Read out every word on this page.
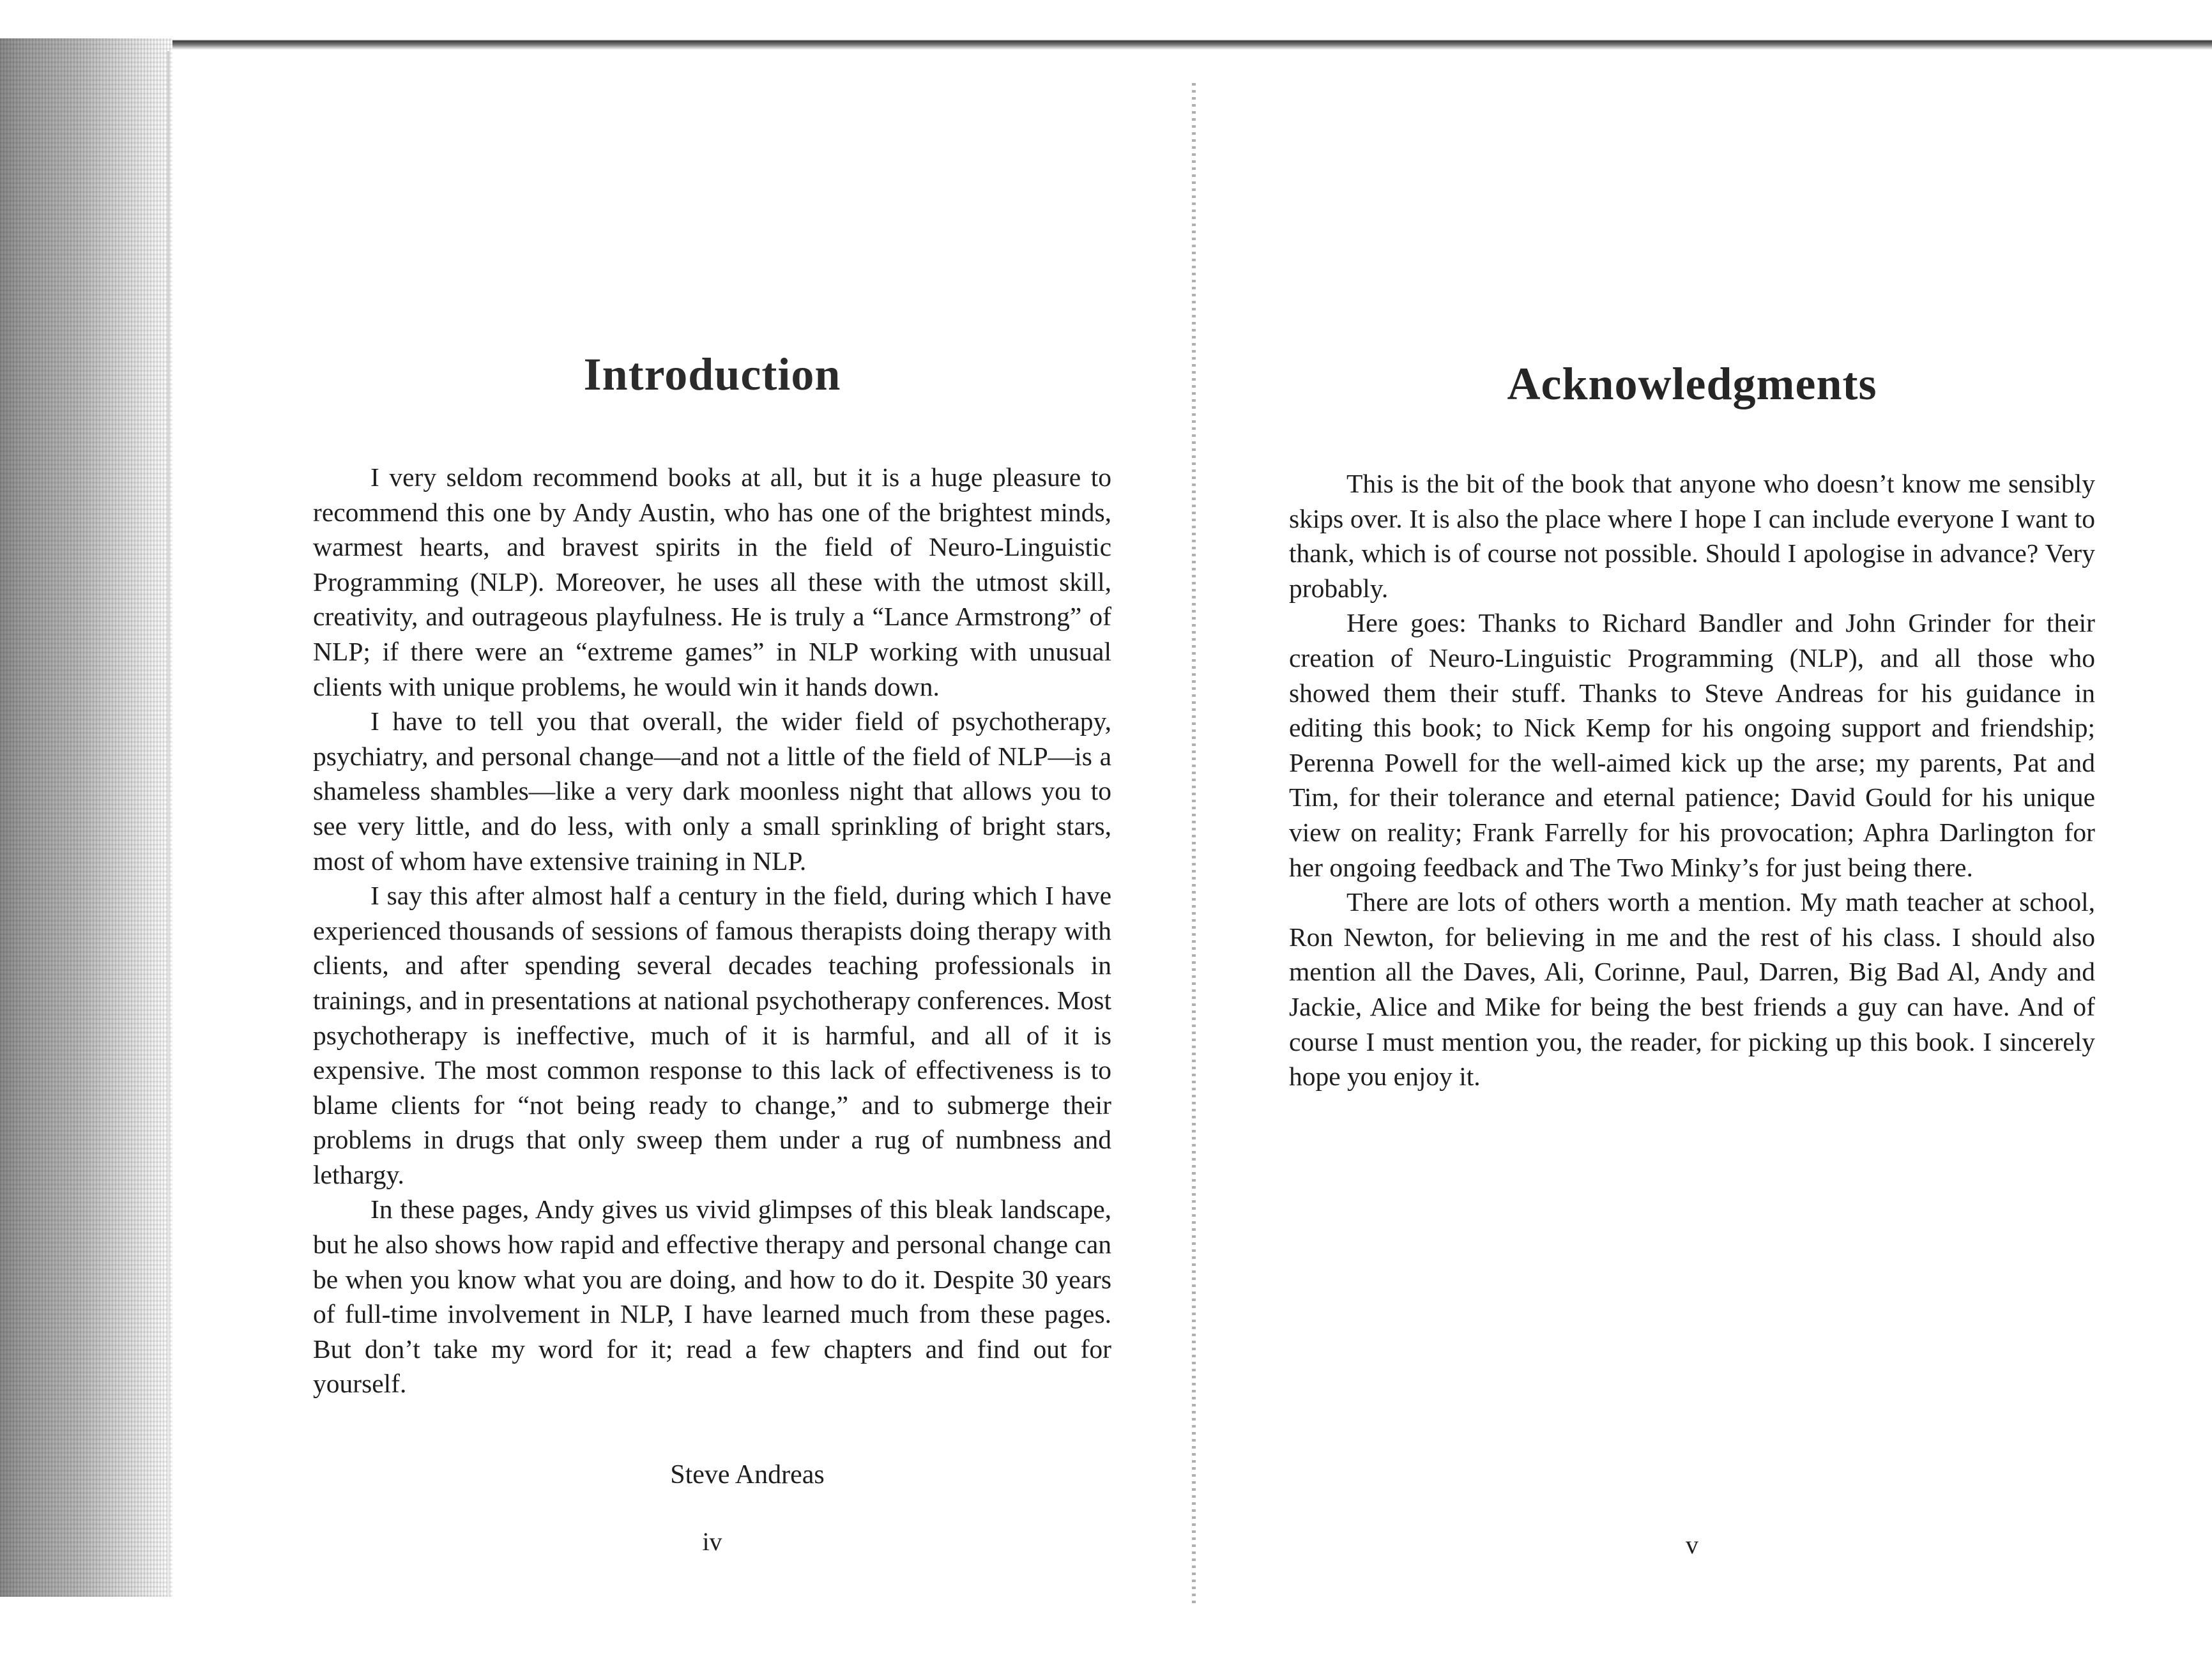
Introduction

I very seldom recommend books at all, but it is a huge pleasure to recommend this one by Andy Austin, who has one of the brightest minds, warmest hearts, and bravest spirits in the field of Neuro-Linguistic Programming (NLP). Moreover, he uses all these with the utmost skill, creativity, and outrageous playfulness. He is truly a “Lance Armstrong” of NLP; if there were an “extreme games” in NLP working with unusual clients with unique problems, he would win it hands down.

I have to tell you that overall, the wider field of psychotherapy, psychiatry, and personal change—and not a little of the field of NLP—is a shameless shambles—like a very dark moonless night that allows you to see very little, and do less, with only a small sprinkling of bright stars, most of whom have extensive training in NLP.

I say this after almost half a century in the field, during which I have experienced thousands of sessions of famous therapists doing therapy with clients, and after spending several decades teaching professionals in trainings, and in presentations at national psychotherapy conferences. Most psychotherapy is ineffective, much of it is harmful, and all of it is expensive. The most common response to this lack of effectiveness is to blame clients for “not being ready to change,” and to submerge their problems in drugs that only sweep them under a rug of numbness and lethargy.

In these pages, Andy gives us vivid glimpses of this bleak landscape, but he also shows how rapid and effective therapy and personal change can be when you know what you are doing, and how to do it. Despite 30 years of full-time involvement in NLP, I have learned much from these pages. But don’t take my word for it; read a few chapters and find out for yourself.

Steve Andreas
iv
Acknowledgments

This is the bit of the book that anyone who doesn’t know me sensibly skips over. It is also the place where I hope I can include everyone I want to thank, which is of course not possible. Should I apologise in advance? Very probably.

Here goes: Thanks to Richard Bandler and John Grinder for their creation of Neuro-Linguistic Programming (NLP), and all those who showed them their stuff. Thanks to Steve Andreas for his guidance in editing this book; to Nick Kemp for his ongoing support and friendship; Perenna Powell for the well-aimed kick up the arse; my parents, Pat and Tim, for their tolerance and eternal patience; David Gould for his unique view on reality; Frank Farrelly for his provocation; Aphra Darlington for her ongoing feedback and The Two Minky’s for just being there.

There are lots of others worth a mention. My math teacher at school, Ron Newton, for believing in me and the rest of his class. I should also mention all the Daves, Ali, Corinne, Paul, Darren, Big Bad Al, Andy and Jackie, Alice and Mike for being the best friends a guy can have. And of course I must mention you, the reader, for picking up this book. I sincerely hope you enjoy it.

v
